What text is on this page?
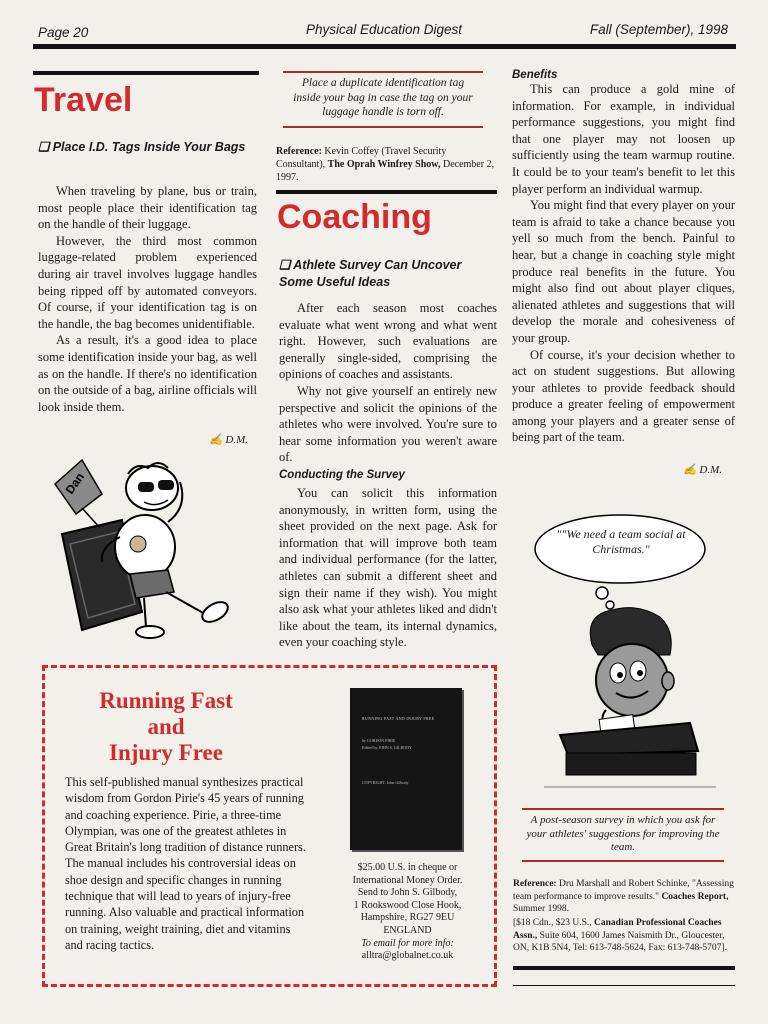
Page 20	Physical Education Digest	Fall (September), 1998
Travel
❑ Place I.D. Tags Inside Your Bags

When traveling by plane, bus or train, most people place their identification tag on the handle of their luggage.

However, the third most common luggage-related problem experienced during air travel involves luggage handles being ripped off by automated conveyors. Of course, if your identification tag is on the handle, the bag becomes unidentifiable.

As a result, it's a good idea to place some identification inside your bag, as well as on the handle. If there's no identification on the outside of a bag, airline officials will look inside them.

✍ D.M.
Dan
Place a duplicate identification tag inside your bag in case the tag on your luggage handle is torn off.
Reference: Kevin Coffey (Travel Security Consultant), The Oprah Winfrey Show, December 2, 1997.
Coaching
❑ Athlete Survey Can Uncover Some Useful Ideas

After each season most coaches evaluate what went wrong and what went right. However, such evaluations are generally single-sided, comprising the opinions of coaches and assistants.

Why not give yourself an entirely new perspective and solicit the opinions of the athletes who were involved. You're sure to hear some information you weren't aware of.

Conducting the Survey

You can solicit this information anonymously, in written form, using the sheet provided on the next page. Ask for information that will improve both team and individual performance (for the latter, athletes can submit a different sheet and sign their name if they wish). You might also ask what your athletes liked and didn't like about the team, its internal dynamics, even your coaching style.

Benefits

This can produce a gold mine of information. For example, in individual performance suggestions, you might find that one player may not loosen up sufficiently using the team warmup routine. It could be to your team's benefit to let this player perform an individual warmup.

You might find that every player on your team is afraid to take a chance because you yell so much from the bench. Painful to hear, but a change in coaching style might produce real benefits in the future. You might also find out about player cliques, alienated athletes and suggestions that will develop the morale and cohesiveness of your group.

Of course, it's your decision whether to act on student suggestions. But allowing your athletes to provide feedback should produce a greater feeling of empowerment among your players and a greater sense of being part of the team.

✍ D.M.
""We need a team social at Christmas."
A post-season survey in which you ask for your athletes' suggestions for improving the team.
Reference: Dru Marshall and Robert Schinke, "Assessing team performance to improve results." Coaches Report, Summer 1998.
[$18 Cdn., $23 U.S., Canadian Professional Coaches Assn., Suite 604, 1600 James Naismith Dr., Gloucester, ON, K1B 5N4, Tel: 613-748-5624, Fax: 613-748-5707].
Running Fast
and
Injury Free
This self-published manual synthesizes practical wisdom from Gordon Pirie's 45 years of running and coaching experience. Pirie, a three-time Olympian, was one of the greatest athletes in Great Britain's long tradition of distance runners. The manual includes his controversial ideas on shoe design and specific changes in running technique that will lead to years of injury-free running. Also valuable and practical information on training, weight training, diet and vitamins and racing tactics.
RUNNING FAST AND INJURY FREE
by GORDON PIRIE
Edited by JOHN S. GILBODY
COPYRIGHT: John Gilbody
$25.00 U.S. in cheque or International Money Order.
Send to John S. Gilbody,
1 Rookswood Close Hook,
Hampshire, RG27 9EU
ENGLAND
To email for more info:
alltra@globalnet.co.uk
